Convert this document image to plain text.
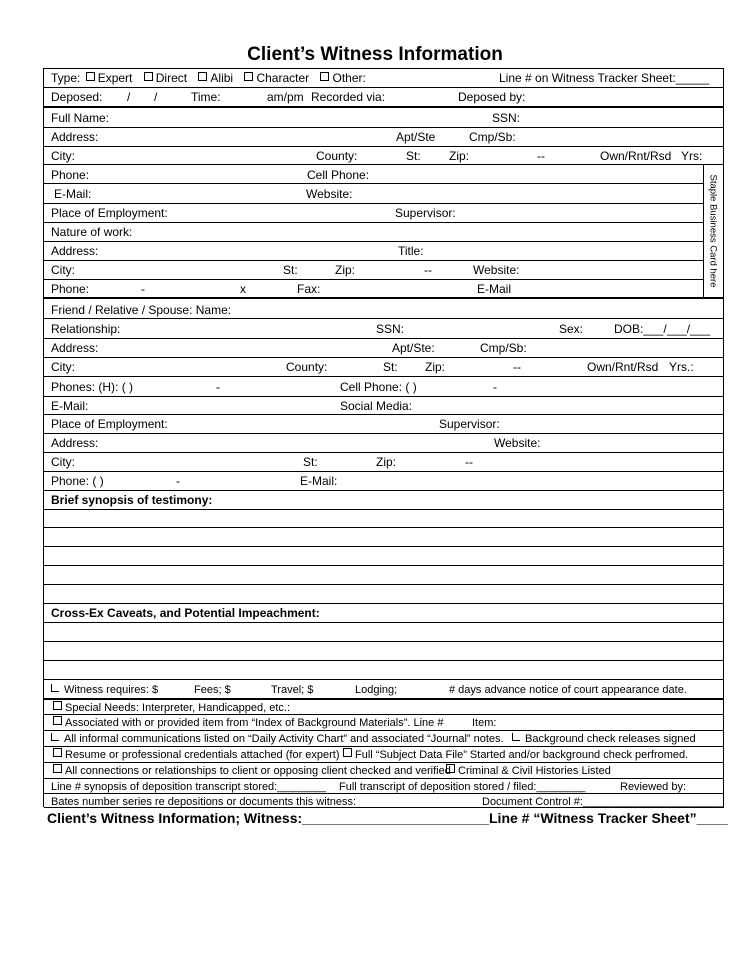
Client’s Witness Information
Type: Expert Direct Alibi Character Other:	Line # on Witness Tracker Sheet:_____
Deposed: / /	Time:	am/pm Recorded via:	Deposed by:
Full Name:	SSN:
Address:	Apt/Ste	Cmp/Sb:
City:	County:	St: Zip:	--	Own/Rnt/Rsd Yrs:
Phone:	Cell Phone:
E-Mail:	Website:
Place of Employment:	Supervisor:
Nature of work:
Address:	Title:
City:	St:	Zip:	--	Website:
Phone:	-	x	Fax:	E-Mail
Staple Business Card here
Friend / Relative / Spouse: Name:
Relationship:	SSN:	Sex:	DOB:___/___/___
Address:	Apt/Ste:	Cmp/Sb:
City:	County:	St: Zip:	--	Own/Rnt/Rsd Yrs.:
Phones: (H): ( )	-	Cell Phone: ( )	-
E-Mail:	Social Media:
Place of Employment:	Supervisor:
Address:	Website:
City:	St:	Zip:	--
Phone: ( )	-	E-Mail:
Brief synopsis of testimony:
Cross-Ex Caveats, and Potential Impeachment:
Witness requires: $	Fees; $	Travel; $	Lodging;	# days advance notice of court appearance date.
Special Needs: Interpreter, Handicapped, etc.:
Associated with or provided item from “Index of Background Materials”. Line #	Item:
All informal communications listed on “Daily Activity Chart” and associated “Journal” notes.	Background check releases signed
Resume or professional credentials attached (for expert)	Full “Subject Data File” Started and/or background check perfromed.
All connections or relationships to client or opposing client checked and verified Criminal & Civil Histories Listed
Line # synopsis of deposition transcript stored:________ Full transcript of deposition stored / filed:________	Reviewed by:
Bates number series re depositions or documents this witness:	Document Control #:_______________________
Client’s Witness Information; Witness:________________________Line # “Witness Tracker Sheet”____
